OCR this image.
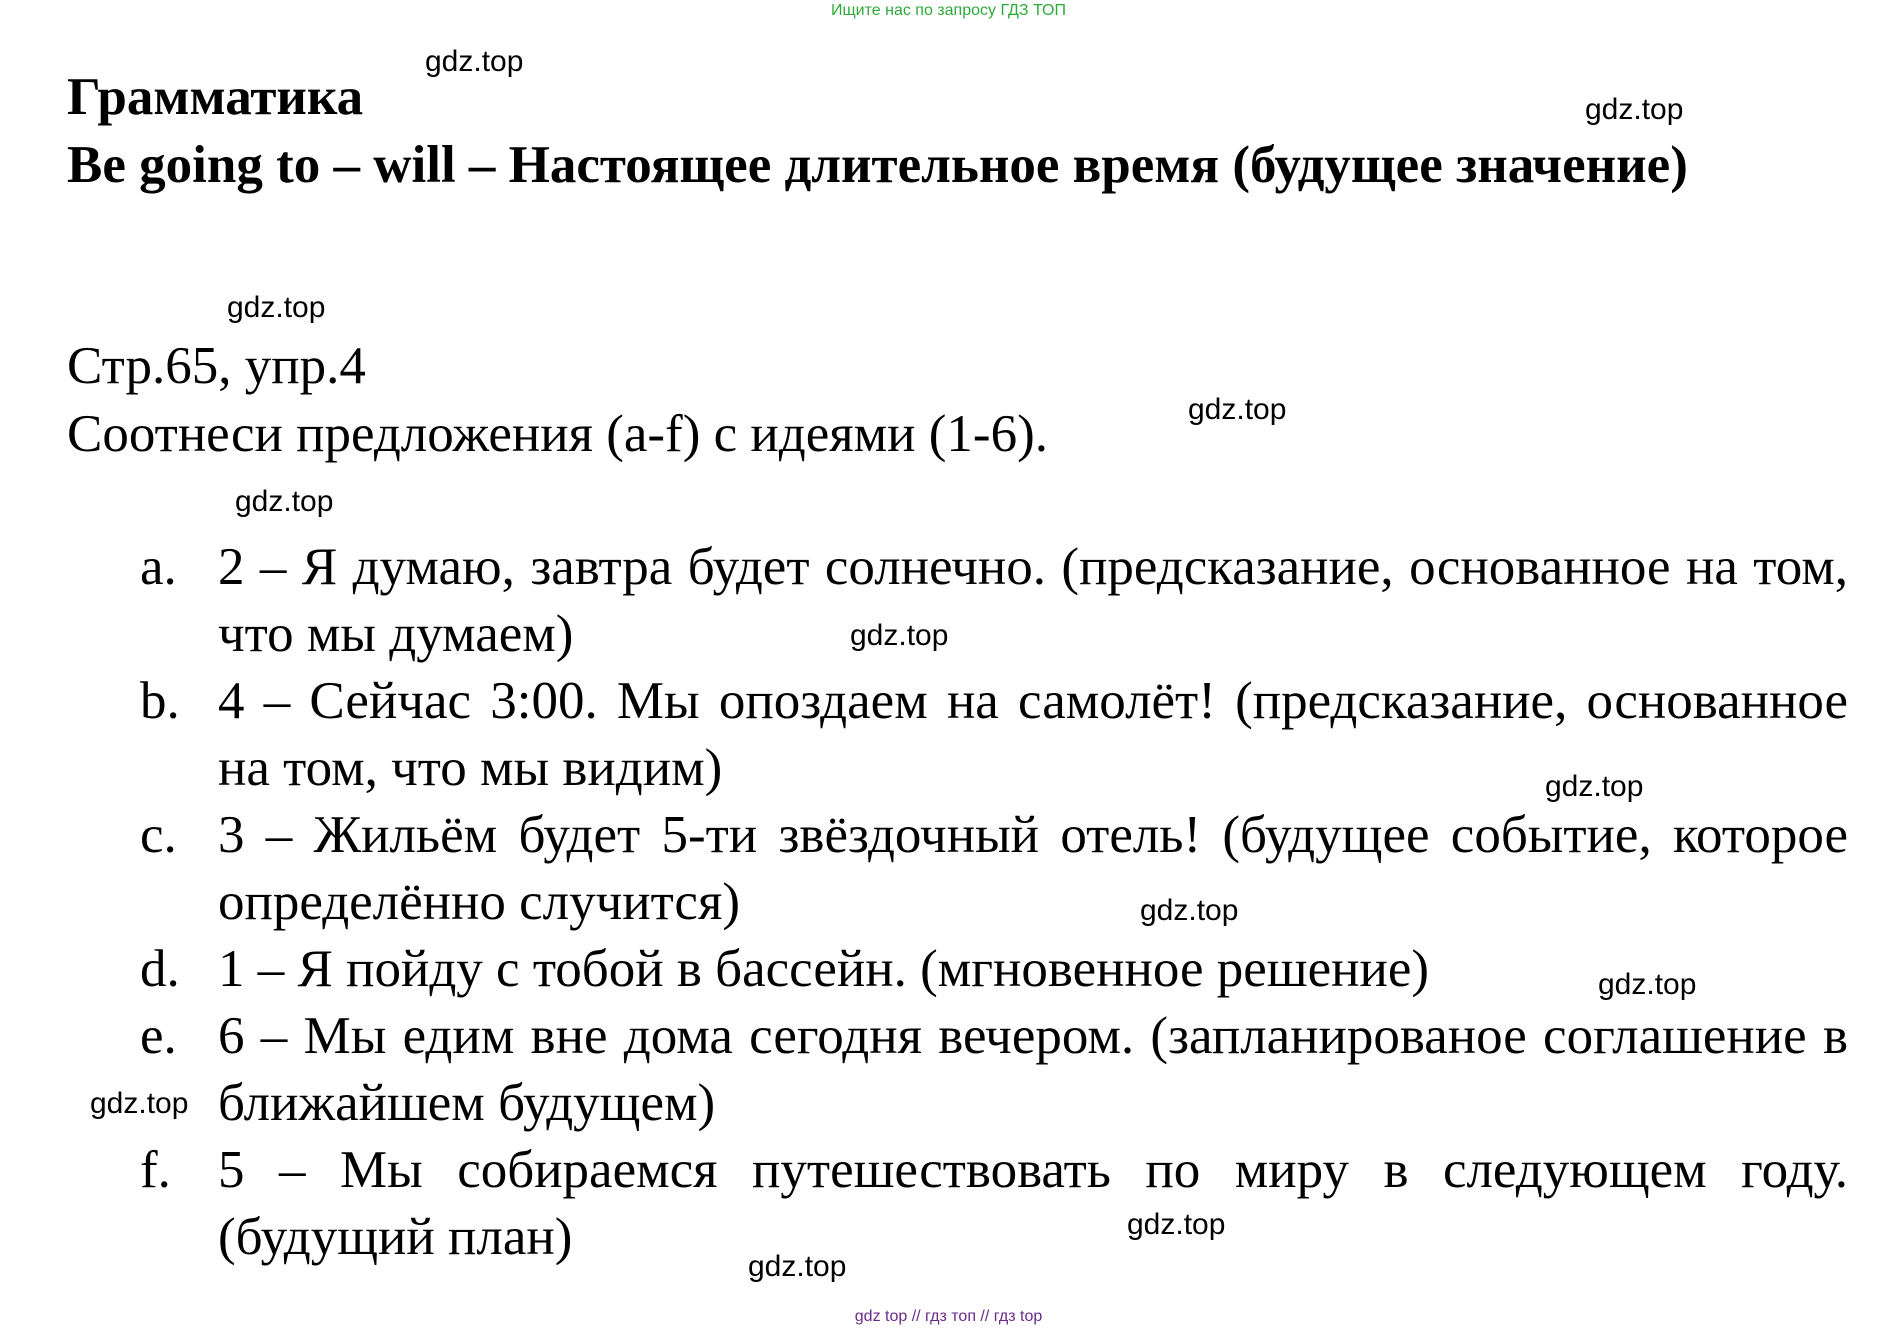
Ищите нас по запросу ГДЗ ТОП
Грамматика
Be going to – will – Настоящее длительное время (будущее значение)
Стр.65, упр.4
Соотнеси предложения (a-f) с идеями (1-6).
a. 2 – Я думаю, завтра будет солнечно. (предсказание, основанное на том, что мы думаем)
b. 4 – Сейчас 3:00. Мы опоздаем на самолёт! (предсказание, основанное на том, что мы видим)
c. 3 – Жильём будет 5-ти звёздочный отель! (будущее событие, которое определённо случится)
d. 1 – Я пойду с тобой в бассейн. (мгновенное решение)
e. 6 – Мы едим вне дома сегодня вечером. (запланированое соглашение в ближайшем будущем)
f. 5 – Мы собираемся путешествовать по миру в следующем году. (будущий план)
gdz.top
gdz.top
gdz.top
gdz.top
gdz.top
gdz.top
gdz.top
gdz.top
gdz.top
gdz.top
gdz.top
gdz.top
gdz top // гдз топ // гдз top
